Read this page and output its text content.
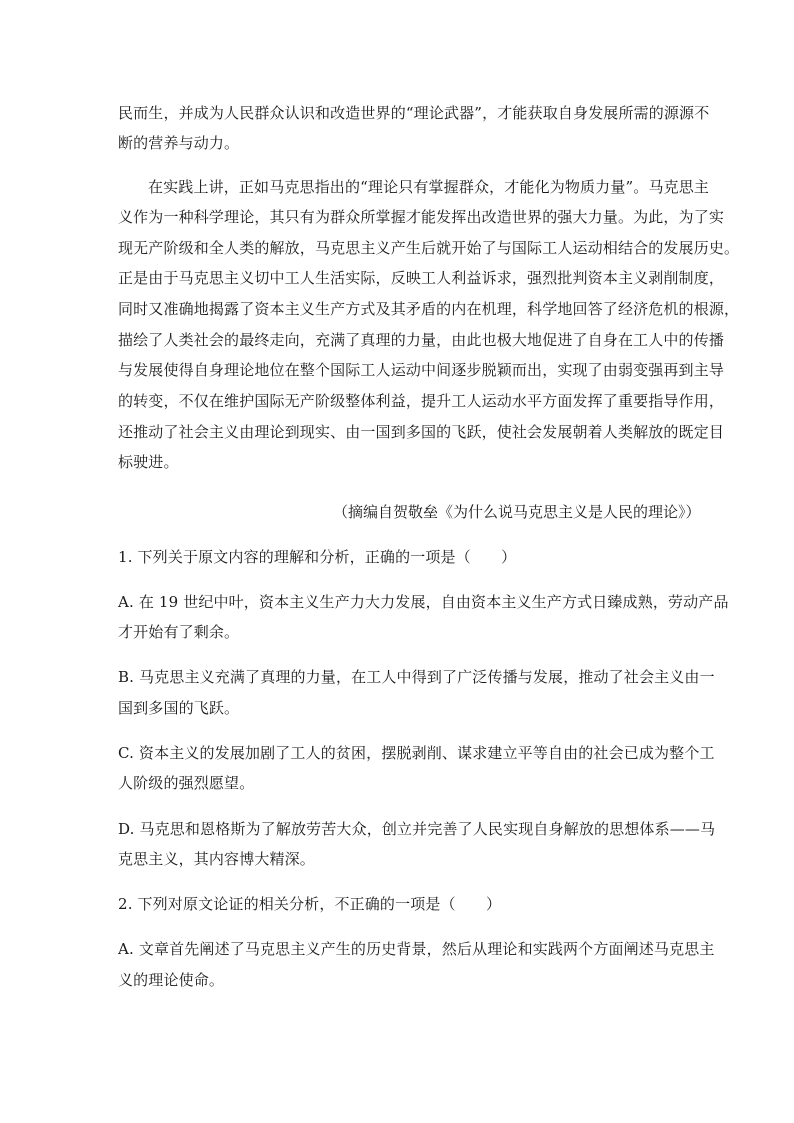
民而生，并成为人民群众认识和改造世界的“理论武器”，才能获取自身发展所需的源源不
断的营养与动力。
在实践上讲，正如马克思指出的“理论只有掌握群众，才能化为物质力量”。马克思主
义作为一种科学理论，其只有为群众所掌握才能发挥出改造世界的强大力量。为此，为了实
现无产阶级和全人类的解放，马克思主义产生后就开始了与国际工人运动相结合的发展历史。
正是由于马克思主义切中工人生活实际，反映工人利益诉求，强烈批判资本主义剥削制度，
同时又准确地揭露了资本主义生产方式及其矛盾的内在机理，科学地回答了经济危机的根源，
描绘了人类社会的最终走向，充满了真理的力量，由此也极大地促进了自身在工人中的传播
与发展使得自身理论地位在整个国际工人运动中间逐步脱颖而出，实现了由弱变强再到主导
的转变，不仅在维护国际无产阶级整体利益，提升工人运动水平方面发挥了重要指导作用，
还推动了社会主义由理论到现实、由一国到多国的飞跃，使社会发展朝着人类解放的既定目
标驶进。
（摘编自贺敬垒《为什么说马克思主义是人民的理论》）
1. 下列关于原文内容的理解和分析，正确的一项是（　　）
A. 在 19 世纪中叶，资本主义生产力大力发展，自由资本主义生产方式日臻成熟，劳动产品
才开始有了剩余。
B. 马克思主义充满了真理的力量，在工人中得到了广泛传播与发展，推动了社会主义由一
国到多国的飞跃。
C. 资本主义的发展加剧了工人的贫困，摆脱剥削、谋求建立平等自由的社会已成为整个工
人阶级的强烈愿望。
D. 马克思和恩格斯为了解放劳苦大众，创立并完善了人民实现自身解放的思想体系——马
克思主义，其内容博大精深。
2. 下列对原文论证的相关分析，不正确的一项是（　　）
A. 文章首先阐述了马克思主义产生的历史背景，然后从理论和实践两个方面阐述马克思主
义的理论使命。
